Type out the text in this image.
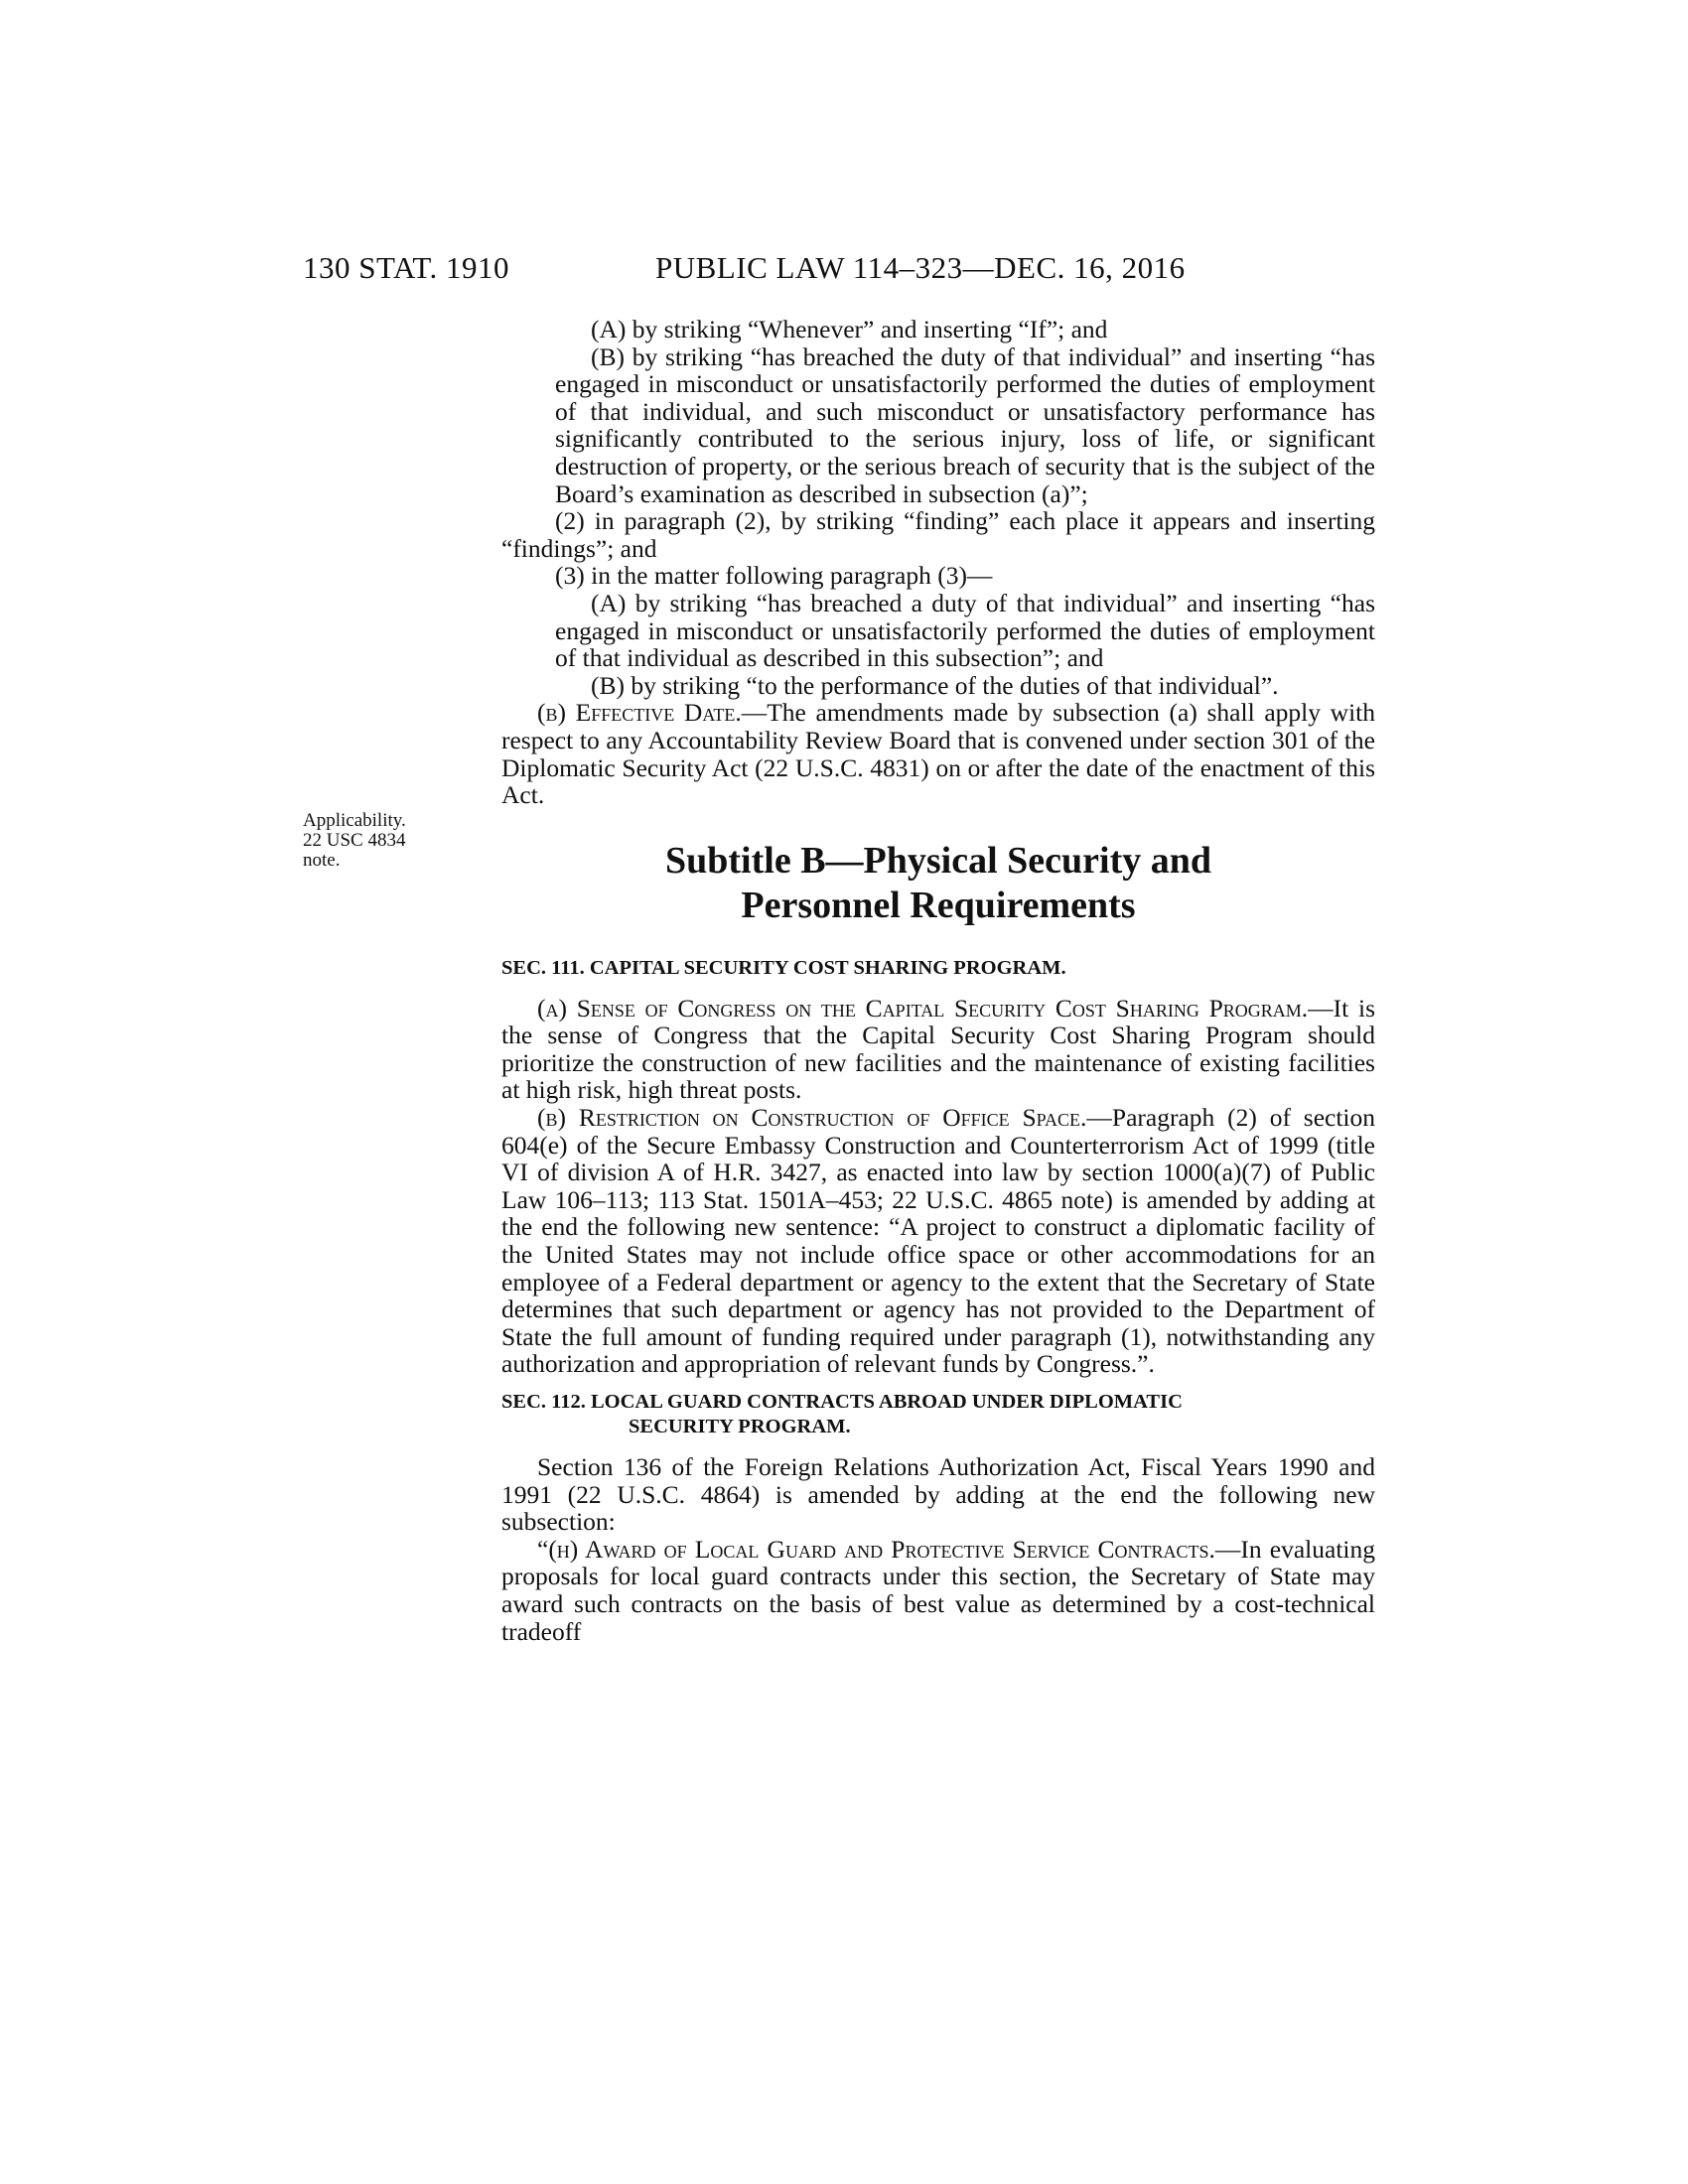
130 STAT. 1910	PUBLIC LAW 114–323—DEC. 16, 2016
Applicability.
22 USC 4834
note.

(A) by striking “Whenever” and inserting “If”; and

(B) by striking “has breached the duty of that individual” and inserting “has engaged in misconduct or unsatisfactorily performed the duties of employment of that individual, and such misconduct or unsatisfactory performance has significantly contributed to the serious injury, loss of life, or significant destruction of property, or the serious breach of security that is the subject of the Board’s examination as described in subsection (a)”;

(2) in paragraph (2), by striking “finding” each place it appears and inserting “findings”; and

(3) in the matter following paragraph (3)—

(A) by striking “has breached a duty of that individual” and inserting “has engaged in misconduct or unsatisfactorily performed the duties of employment of that individual as described in this subsection”; and

(B) by striking “to the performance of the duties of that individual”.

(b) Effective Date.—The amendments made by subsection (a) shall apply with respect to any Accountability Review Board that is convened under section 301 of the Diplomatic Security Act (22 U.S.C. 4831) on or after the date of the enactment of this Act.

Subtitle B—Physical Security and
Personnel Requirements
SEC. 111. CAPITAL SECURITY COST SHARING PROGRAM.

(a) Sense of Congress on the Capital Security Cost Sharing Program.—It is the sense of Congress that the Capital Security Cost Sharing Program should prioritize the construction of new facilities and the maintenance of existing facilities at high risk, high threat posts.

(b) Restriction on Construction of Office Space.—Paragraph (2) of section 604(e) of the Secure Embassy Construction and Counterterrorism Act of 1999 (title VI of division A of H.R. 3427, as enacted into law by section 1000(a)(7) of Public Law 106–113; 113 Stat. 1501A–453; 22 U.S.C. 4865 note) is amended by adding at the end the following new sentence: “A project to construct a diplomatic facility of the United States may not include office space or other accommodations for an employee of a Federal department or agency to the extent that the Secretary of State determines that such department or agency has not provided to the Department of State the full amount of funding required under paragraph (1), notwithstanding any authorization and appropriation of relevant funds by Congress.”.

SEC. 112. LOCAL GUARD CONTRACTS ABROAD UNDER DIPLOMATIC
SECURITY PROGRAM.

Section 136 of the Foreign Relations Authorization Act, Fiscal Years 1990 and 1991 (22 U.S.C. 4864) is amended by adding at the end the following new subsection:

“(h) Award of Local Guard and Protective Service Contracts.—In evaluating proposals for local guard contracts under this section, the Secretary of State may award such contracts on the basis of best value as determined by a cost-technical tradeoff
